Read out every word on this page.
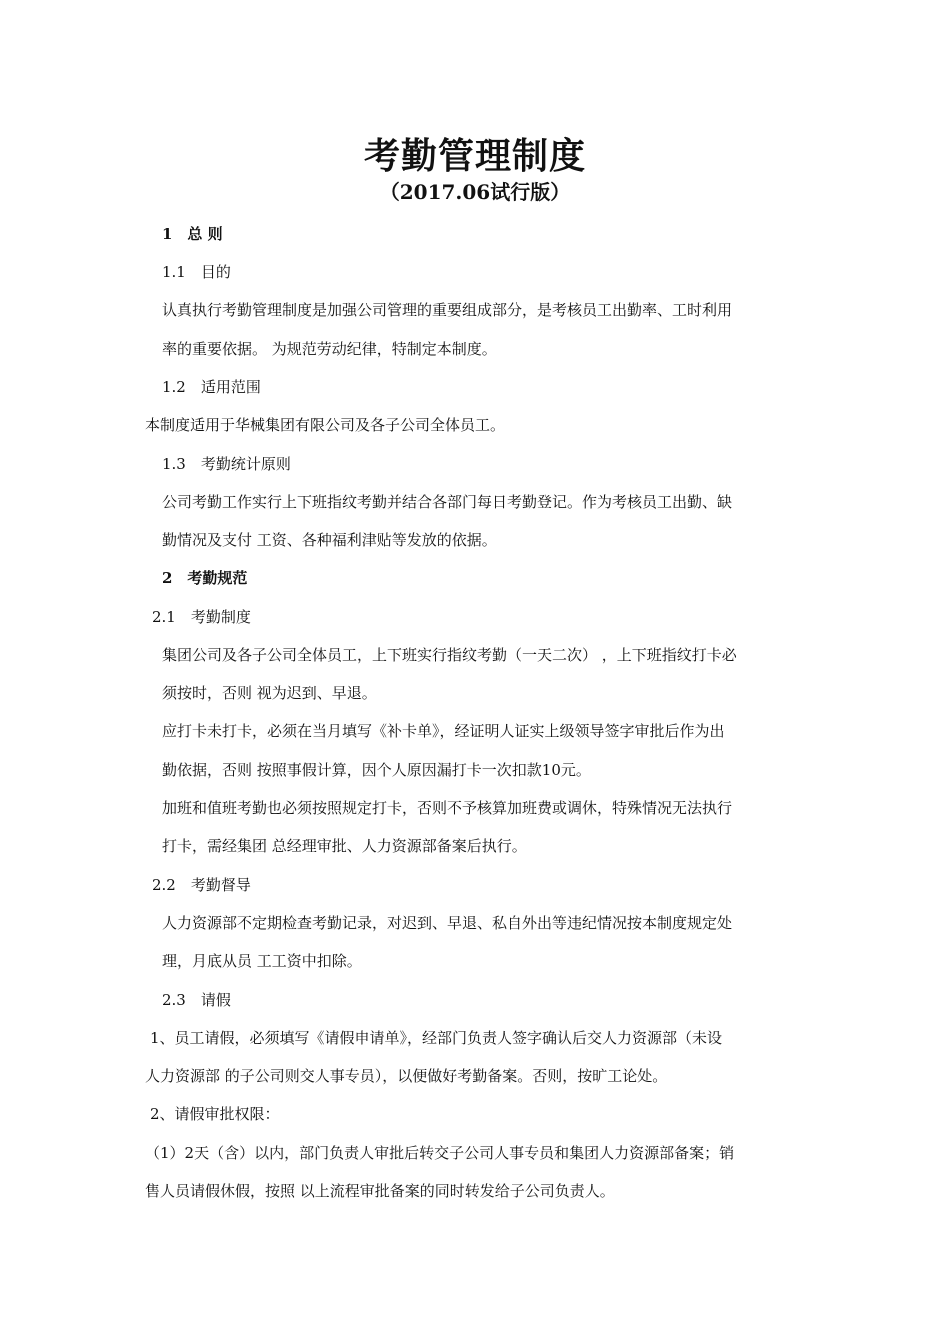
考勤管理制度
（2017.06试行版）
1　总 则
1.1　目的
认真执行考勤管理制度是加强公司管理的重要组成部分，是考核员工出勤率、工时利用
率的重要依据。 为规范劳动纪律，特制定本制度。
1.2　适用范围
本制度适用于华械集团有限公司及各子公司全体员工。
1.3　考勤统计原则
公司考勤工作实行上下班指纹考勤并结合各部门每日考勤登记。作为考核员工出勤、缺
勤情况及支付 工资、各种福利津贴等发放的依据。
2　考勤规范
2.1　考勤制度
集团公司及各子公司全体员工，上下班实行指纹考勤（一天二次） ，上下班指纹打卡必
须按时，否则 视为迟到、早退。
应打卡未打卡，必须在当月填写《补卡单》，经证明人证实上级领导签字审批后作为出
勤依据，否则 按照事假计算，因个人原因漏打卡一次扣款10元。
加班和值班考勤也必须按照规定打卡，否则不予核算加班费或调休，特殊情况无法执行
打卡，需经集团 总经理审批、人力资源部备案后执行。
2.2　考勤督导
人力资源部不定期检查考勤记录，对迟到、早退、私自外出等违纪情况按本制度规定处
理，月底从员 工工资中扣除。
2.3　请假
1、员工请假，必须填写《请假申请单》，经部门负责人签字确认后交人力资源部（未设
人力资源部 的子公司则交人事专员），以便做好考勤备案。否则，按旷工论处。
2、请假审批权限：
（1）2天（含）以内，部门负责人审批后转交子公司人事专员和集团人力资源部备案；销
售人员请假休假，按照 以上流程审批备案的同时转发给子公司负责人。
